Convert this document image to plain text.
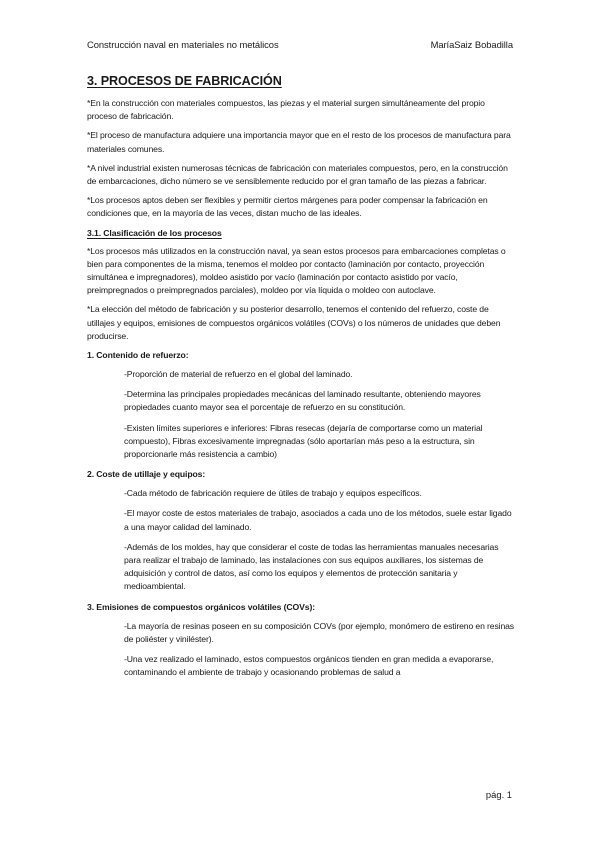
Construcción naval en materiales no metálicos	MaríaSaiz Bobadilla
3. PROCESOS DE FABRICACIÓN

*En la construcción con materiales compuestos, las piezas y el material surgen simultáneamente del propio proceso de fabricación.

*El proceso de manufactura adquiere una importancia mayor que en el resto de los procesos de manufactura para materiales comunes.

*A nivel industrial existen numerosas técnicas de fabricación con materiales compuestos, pero, en la construcción de embarcaciones, dicho número se ve sensiblemente reducido por el gran tamaño de las piezas a fabricar.

*Los procesos aptos deben ser flexibles y permitir ciertos márgenes para poder compensar la fabricación en condiciones que, en la mayoría de las veces, distan mucho de las ideales.

3.1. Clasificación de los procesos

*Los procesos más utilizados en la construcción naval, ya sean estos procesos para embarcaciones completas o bien para componentes de la misma, tenemos el moldeo por contacto (laminación por contacto, proyección simultánea e impregnadores), moldeo asistido por vacío (laminación por contacto asistido por vacío, preimpregnados o preimpregnados parciales), moldeo por vía líquida o moldeo con autoclave.

*La elección del método de fabricación y su posterior desarrollo, tenemos el contenido del refuerzo, coste de utillajes y equipos, emisiones de compuestos orgánicos volátiles (COVs) o los números de unidades que deben producirse.

1. Contenido de refuerzo:

-Proporción de material de refuerzo en el global del laminado.

-Determina las principales propiedades mecánicas del laminado resultante, obteniendo mayores propiedades cuanto mayor sea el porcentaje de refuerzo en su constitución.

-Existen límites superiores e inferiores: Fibras resecas (dejaría de comportarse como un material compuesto), Fibras excesivamente impregnadas (sólo aportarían más peso a la estructura, sin proporcionarle más resistencia a cambio)

2. Coste de utillaje y equipos:

-Cada método de fabricación requiere de útiles de trabajo y equipos específicos.

-El mayor coste de estos materiales de trabajo, asociados a cada uno de los métodos, suele estar ligado a una mayor calidad del laminado.

-Además de los moldes, hay que considerar el coste de todas las herramientas manuales necesarias para realizar el trabajo de laminado, las instalaciones con sus equipos auxiliares, los sistemas de adquisición y control de datos, así como los equipos y elementos de protección sanitaria y medioambiental.

3. Emisiones de compuestos orgánicos volátiles (COVs):

-La mayoría de resinas poseen en su composición COVs (por ejemplo, monómero de estireno en resinas de poliéster y viniléster).

-Una vez realizado el laminado, estos compuestos orgánicos tienden en gran medida a evaporarse, contaminando el ambiente de trabajo y ocasionando problemas de salud a

pág. 1
